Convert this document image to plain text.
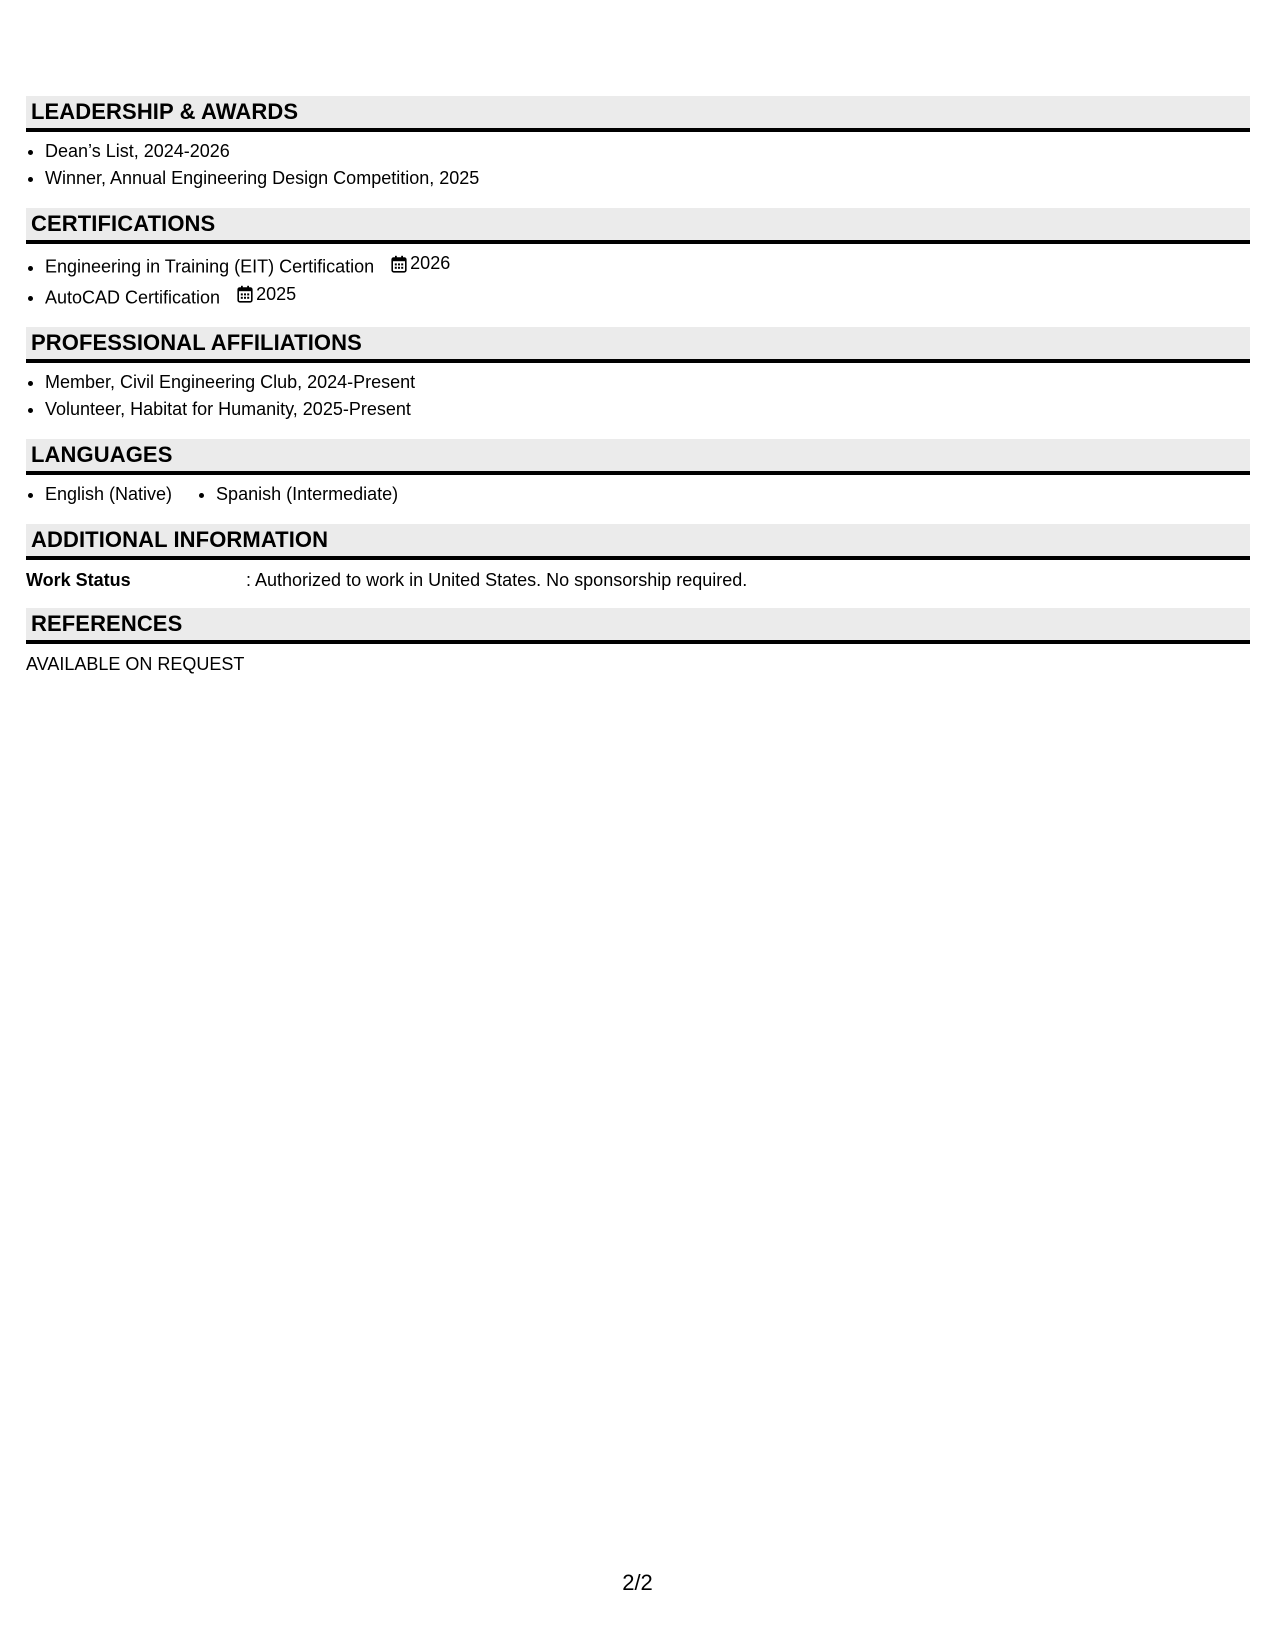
LEADERSHIP & AWARDS
• Dean’s List, 2024-2026
• Winner, Annual Engineering Design Competition, 2025
CERTIFICATIONS
• Engineering in Training (EIT) Certification 2026
• AutoCAD Certification 2025
PROFESSIONAL AFFILIATIONS
• Member, Civil Engineering Club, 2024-Present
• Volunteer, Habitat for Humanity, 2025-Present
LANGUAGES
• English (Native)
• Spanish (Intermediate)
ADDITIONAL INFORMATION
Work Status	: Authorized to work in United States. No sponsorship required.
REFERENCES
AVAILABLE ON REQUEST
2/2
